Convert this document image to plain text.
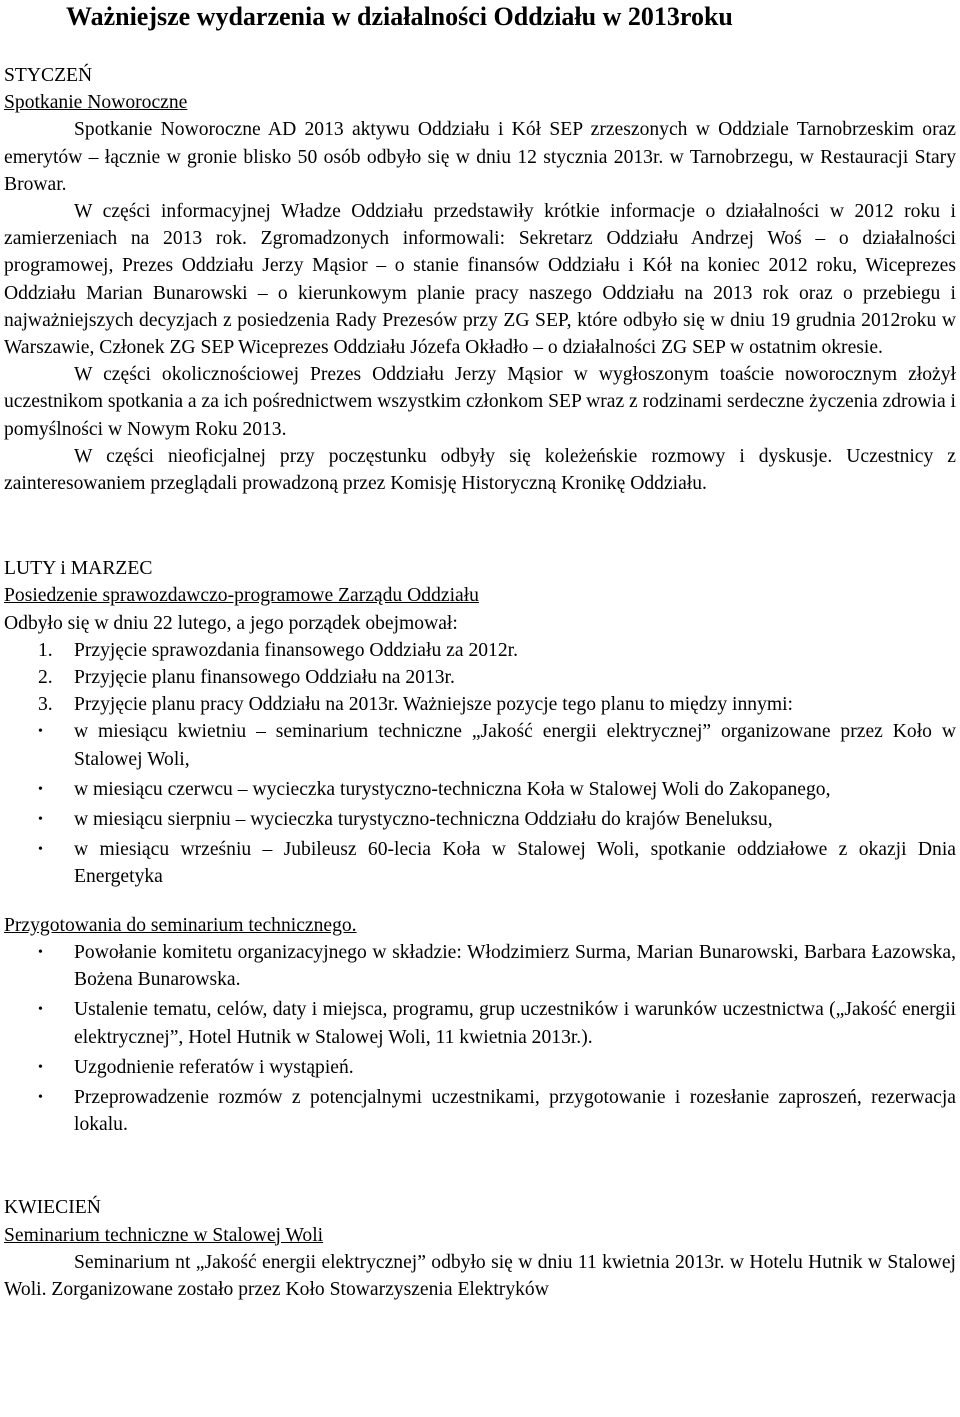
Ważniejsze wydarzenia w działalności Oddziału w 2013roku
STYCZEŃ
Spotkanie Noworoczne

Spotkanie Noworoczne AD 2013 aktywu Oddziału i Kół SEP zrzeszonych w Oddziale Tarnobrzeskim oraz emerytów – łącznie w gronie blisko 50 osób odbyło się w dniu 12 stycznia 2013r. w Tarnobrzegu, w Restauracji Stary Browar.

W części informacyjnej Władze Oddziału przedstawiły krótkie informacje o działalności w 2012 roku i zamierzeniach na 2013 rok. Zgromadzonych informowali: Sekretarz Oddziału Andrzej Woś – o działalności programowej, Prezes Oddziału Jerzy Mąsior – o stanie finansów Oddziału i Kół na koniec 2012 roku, Wiceprezes Oddziału Marian Bunarowski – o kierunkowym planie pracy naszego Oddziału na 2013 rok oraz o przebiegu i najważniejszych decyzjach z posiedzenia Rady Prezesów przy ZG SEP, które odbyło się w dniu 19 grudnia 2012roku w Warszawie, Członek ZG SEP Wiceprezes Oddziału Józefa Okładło – o działalności ZG SEP w ostatnim okresie.

W części okolicznościowej Prezes Oddziału Jerzy Mąsior w wygłoszonym toaście noworocznym złożył uczestnikom spotkania a za ich pośrednictwem wszystkim członkom SEP wraz z rodzinami serdeczne życzenia zdrowia i pomyślności w Nowym Roku 2013.

W części nieoficjalnej przy poczęstunku odbyły się koleżeńskie rozmowy i dyskusje. Uczestnicy z zainteresowaniem przeglądali prowadzoną przez Komisję Historyczną Kronikę Oddziału.

LUTY i MARZEC
Posiedzenie sprawozdawczo-programowe Zarządu Oddziału

Odbyło się w dniu 22 lutego, a jego porządek obejmował:

1. Przyjęcie sprawozdania finansowego Oddziału za 2012r.
2. Przyjęcie planu finansowego Oddziału na 2013r.
3. Przyjęcie planu pracy Oddziału na 2013r. Ważniejsze pozycje tego planu to między innymi:
• w miesiącu kwietniu – seminarium techniczne „Jakość energii elektrycznej” organizowane przez Koło w Stalowej Woli,
• w miesiącu czerwcu – wycieczka turystyczno-techniczna Koła w Stalowej Woli do Zakopanego,
• w miesiącu sierpniu – wycieczka turystyczno-techniczna Oddziału do krajów Beneluksu,
• w miesiącu wrześniu – Jubileusz 60-lecia Koła w Stalowej Woli, spotkanie oddziałowe z okazji Dnia Energetyka
Przygotowania do seminarium technicznego.
• Powołanie komitetu organizacyjnego w składzie: Włodzimierz Surma, Marian Bunarowski, Barbara Łazowska, Bożena Bunarowska.
• Ustalenie tematu, celów, daty i miejsca, programu, grup uczestników i warunków uczestnictwa („Jakość energii elektrycznej”, Hotel Hutnik w Stalowej Woli, 11 kwietnia 2013r.).
• Uzgodnienie referatów i wystąpień.
• Przeprowadzenie rozmów z potencjalnymi uczestnikami, przygotowanie i rozesłanie zaproszeń, rezerwacja lokalu.
KWIECIEŃ
Seminarium techniczne w Stalowej Woli

Seminarium nt „Jakość energii elektrycznej” odbyło się w dniu 11 kwietnia 2013r. w Hotelu Hutnik w Stalowej Woli. Zorganizowane zostało przez Koło Stowarzyszenia Elektryków
